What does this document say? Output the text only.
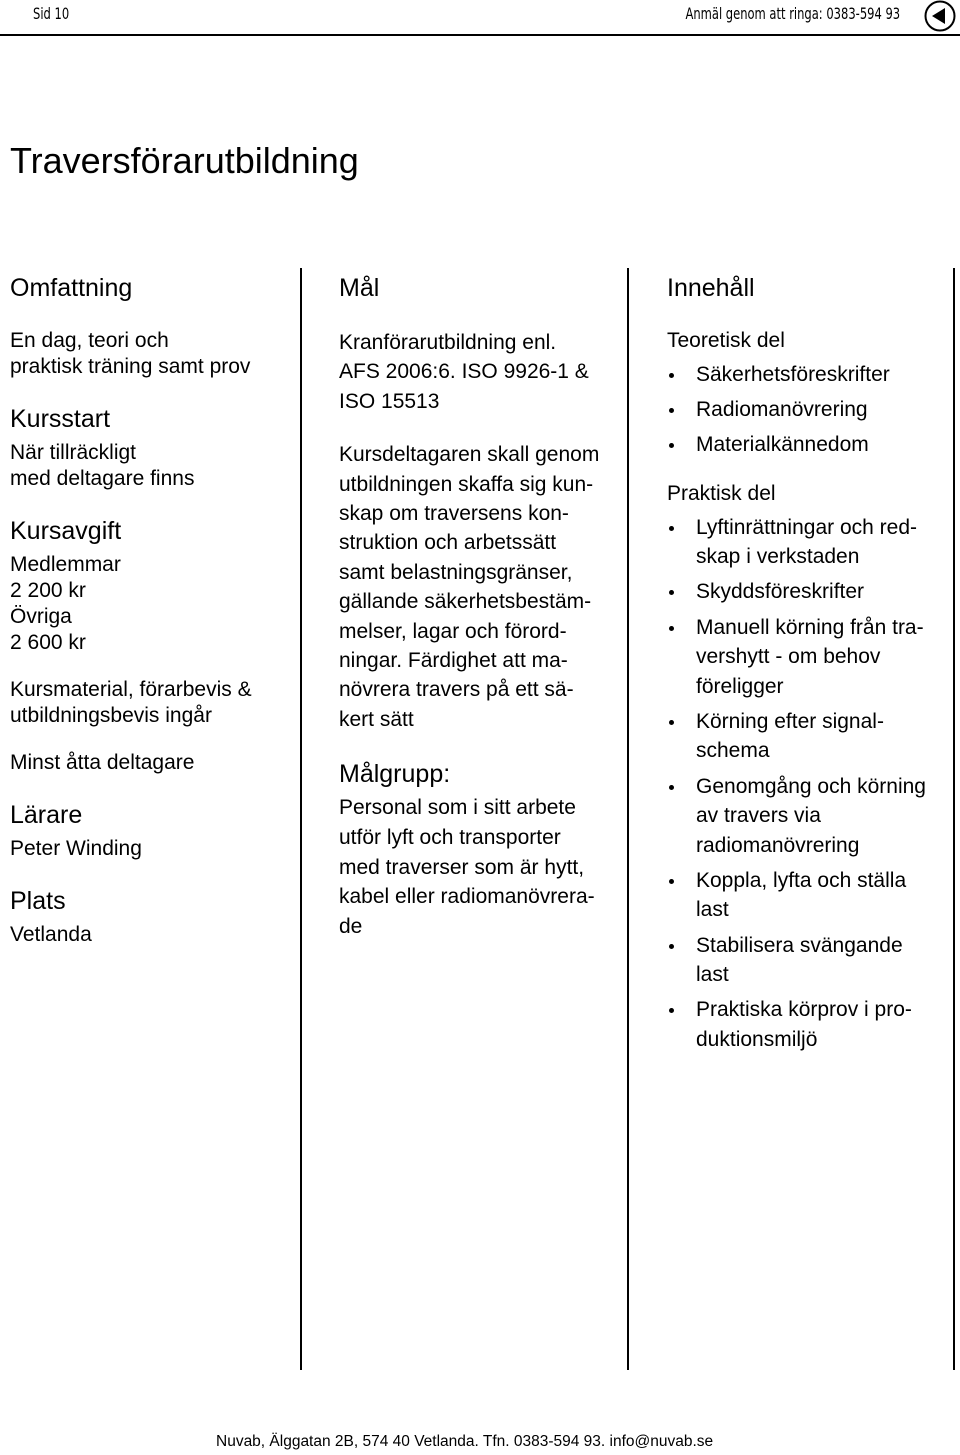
Sid 10	Anmäl genom att ringa: 0383-594 93
Traversförarutbildning
Omfattning

En dag, teori och
praktisk träning samt prov

Kursstart

När tillräckligt
med deltagare finns

Kursavgift

Medlemmar
2 200 kr
Övriga
2 600 kr

Kursmaterial, förarbevis &
utbildningsbevis ingår

Minst åtta deltagare

Lärare

Peter Winding

Plats

Vetlanda

Mål

Kranförarutbildning enl.
AFS 2006:6. ISO 9926-1 &
ISO 15513

Kursdeltagaren skall genom
utbildningen skaffa sig kun-
skap om traversens kon-
struktion och arbetssätt
samt belastningsgränser,
gällande säkerhetsbestäm-
melser, lagar och förord-
ningar. Färdighet att ma-
növrera travers på ett sä-
kert sätt

Målgrupp:

Personal som i sitt arbete
utför lyft och transporter
med traverser som är hytt,
kabel eller radiomanövrera-
de

Innehåll

Teoretisk del

Säkerhetsföreskrifter
Radiomanövrering
Materialkännedom

Praktisk del

Lyftinrättningar och red-
skap i verkstaden
Skyddsföreskrifter
Manuell körning från tra-
vershytt - om behov
föreligger
Körning efter signal-
schema
Genomgång och körning
av travers via
radiomanövrering
Koppla, lyfta och ställa
last
Stabilisera svängande
last
Praktiska körprov i pro-
duktionsmiljö
Nuvab, Älggatan 2B, 574 40 Vetlanda. Tfn. 0383-594 93. info@nuvab.se
